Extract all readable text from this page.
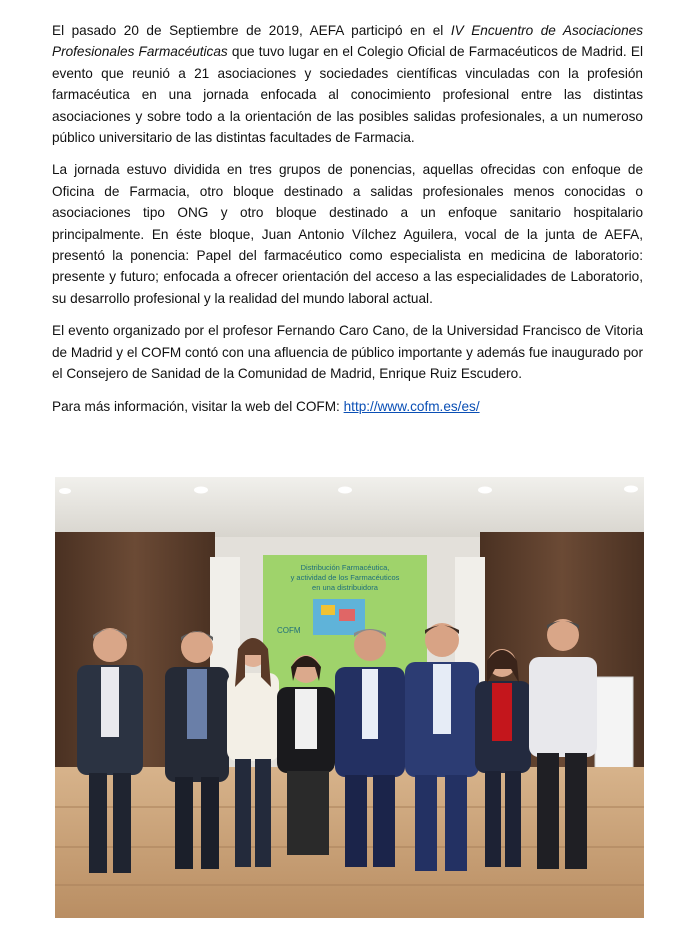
El pasado 20 de Septiembre de 2019, AEFA participó en el IV Encuentro de Asociaciones Profesionales Farmacéuticas que tuvo lugar en el Colegio Oficial de Farmacéuticos de Madrid. El evento que reunió a 21 asociaciones y sociedades científicas vinculadas con la profesión farmacéutica en una jornada enfocada al conocimiento profesional entre las distintas asociaciones y sobre todo a la orientación de las posibles salidas profesionales, a un numeroso público universitario de las distintas facultades de Farmacia.

La jornada estuvo dividida en tres grupos de ponencias, aquellas ofrecidas con enfoque de Oficina de Farmacia, otro bloque destinado a salidas profesionales menos conocidas o asociaciones tipo ONG y otro bloque destinado a un enfoque sanitario hospitalario principalmente. En éste bloque, Juan Antonio Vílchez Aguilera, vocal de la junta de AEFA, presentó la ponencia: Papel del farmacéutico como especialista en medicina de laboratorio: presente y futuro; enfocada a ofrecer orientación del acceso a las especialidades de Laboratorio, su desarrollo profesional y la realidad del mundo laboral actual.

El evento organizado por el profesor Fernando Caro Cano, de la Universidad Francisco de Vitoria de Madrid y el COFM contó con una afluencia de público importante y además fue inaugurado por el Consejero de Sanidad de la Comunidad de Madrid, Enrique Ruiz Escudero.

Para más información, visitar la web del COFM: http://www.cofm.es/es/

Distribución Farmacéutica,
y actividad de los Farmacéuticos
en una distribuidora
COFM
